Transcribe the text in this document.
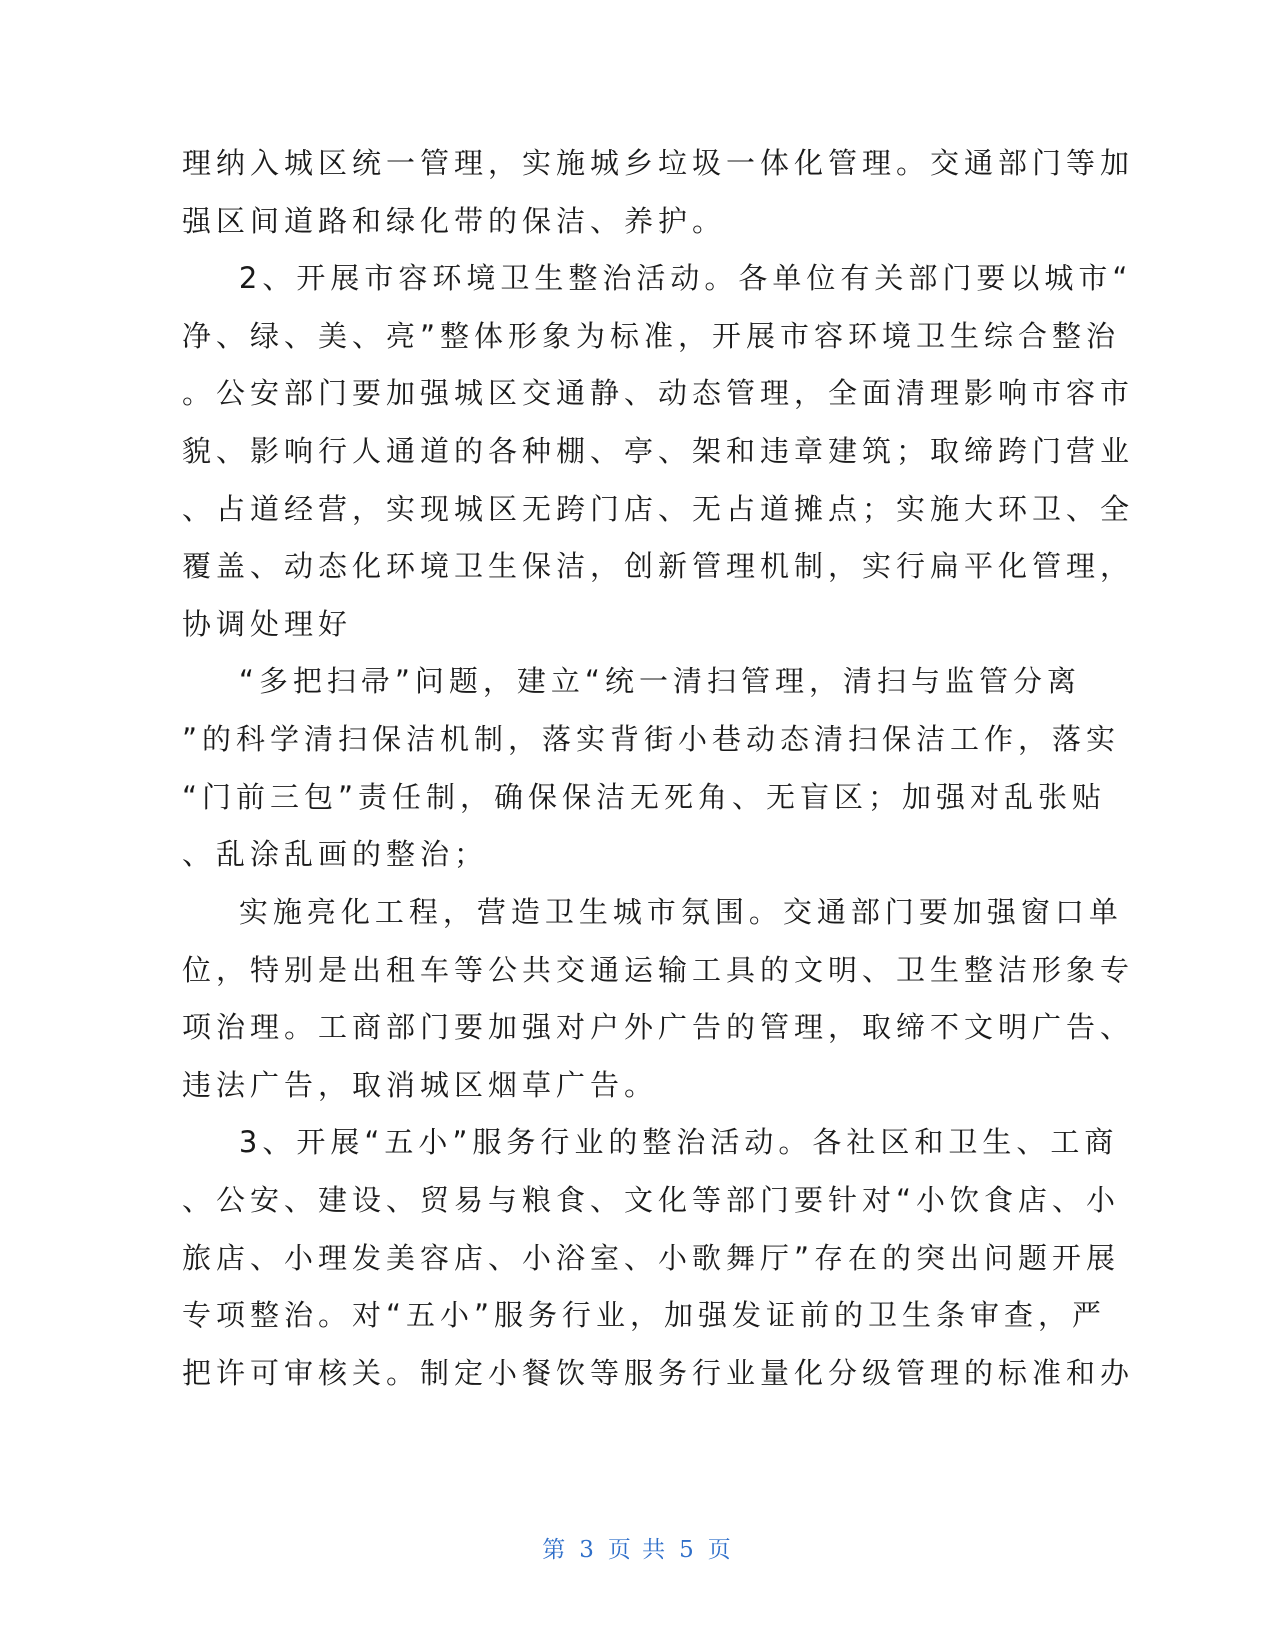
理纳入城区统一管理，实施城乡垃圾一体化管理。交通部门等加
强区间道路和绿化带的保洁、养护。
2、开展市容环境卫生整治活动。各单位有关部门要以城市“
净、绿、美、亮”整体形象为标准，开展市容环境卫生综合整治
。公安部门要加强城区交通静、动态管理，全面清理影响市容市
貌、影响行人通道的各种棚、亭、架和违章建筑；取缔跨门营业
、占道经营，实现城区无跨门店、无占道摊点；实施大环卫、全
覆盖、动态化环境卫生保洁，创新管理机制，实行扁平化管理，
协调处理好
“多把扫帚”问题，建立“统一清扫管理，清扫与监管分离
”的科学清扫保洁机制，落实背街小巷动态清扫保洁工作，落实
“门前三包”责任制，确保保洁无死角、无盲区；加强对乱张贴
、乱涂乱画的整治；
实施亮化工程，营造卫生城市氛围。交通部门要加强窗口单
位，特别是出租车等公共交通运输工具的文明、卫生整洁形象专
项治理。工商部门要加强对户外广告的管理，取缔不文明广告、
违法广告，取消城区烟草广告。
3、开展“五小”服务行业的整治活动。各社区和卫生、工商
、公安、建设、贸易与粮食、文化等部门要针对“小饮食店、小
旅店、小理发美容店、小浴室、小歌舞厅”存在的突出问题开展
专项整治。对“五小”服务行业，加强发证前的卫生条审查，严
把许可审核关。制定小餐饮等服务行业量化分级管理的标准和办
第 3 页 共 5 页
